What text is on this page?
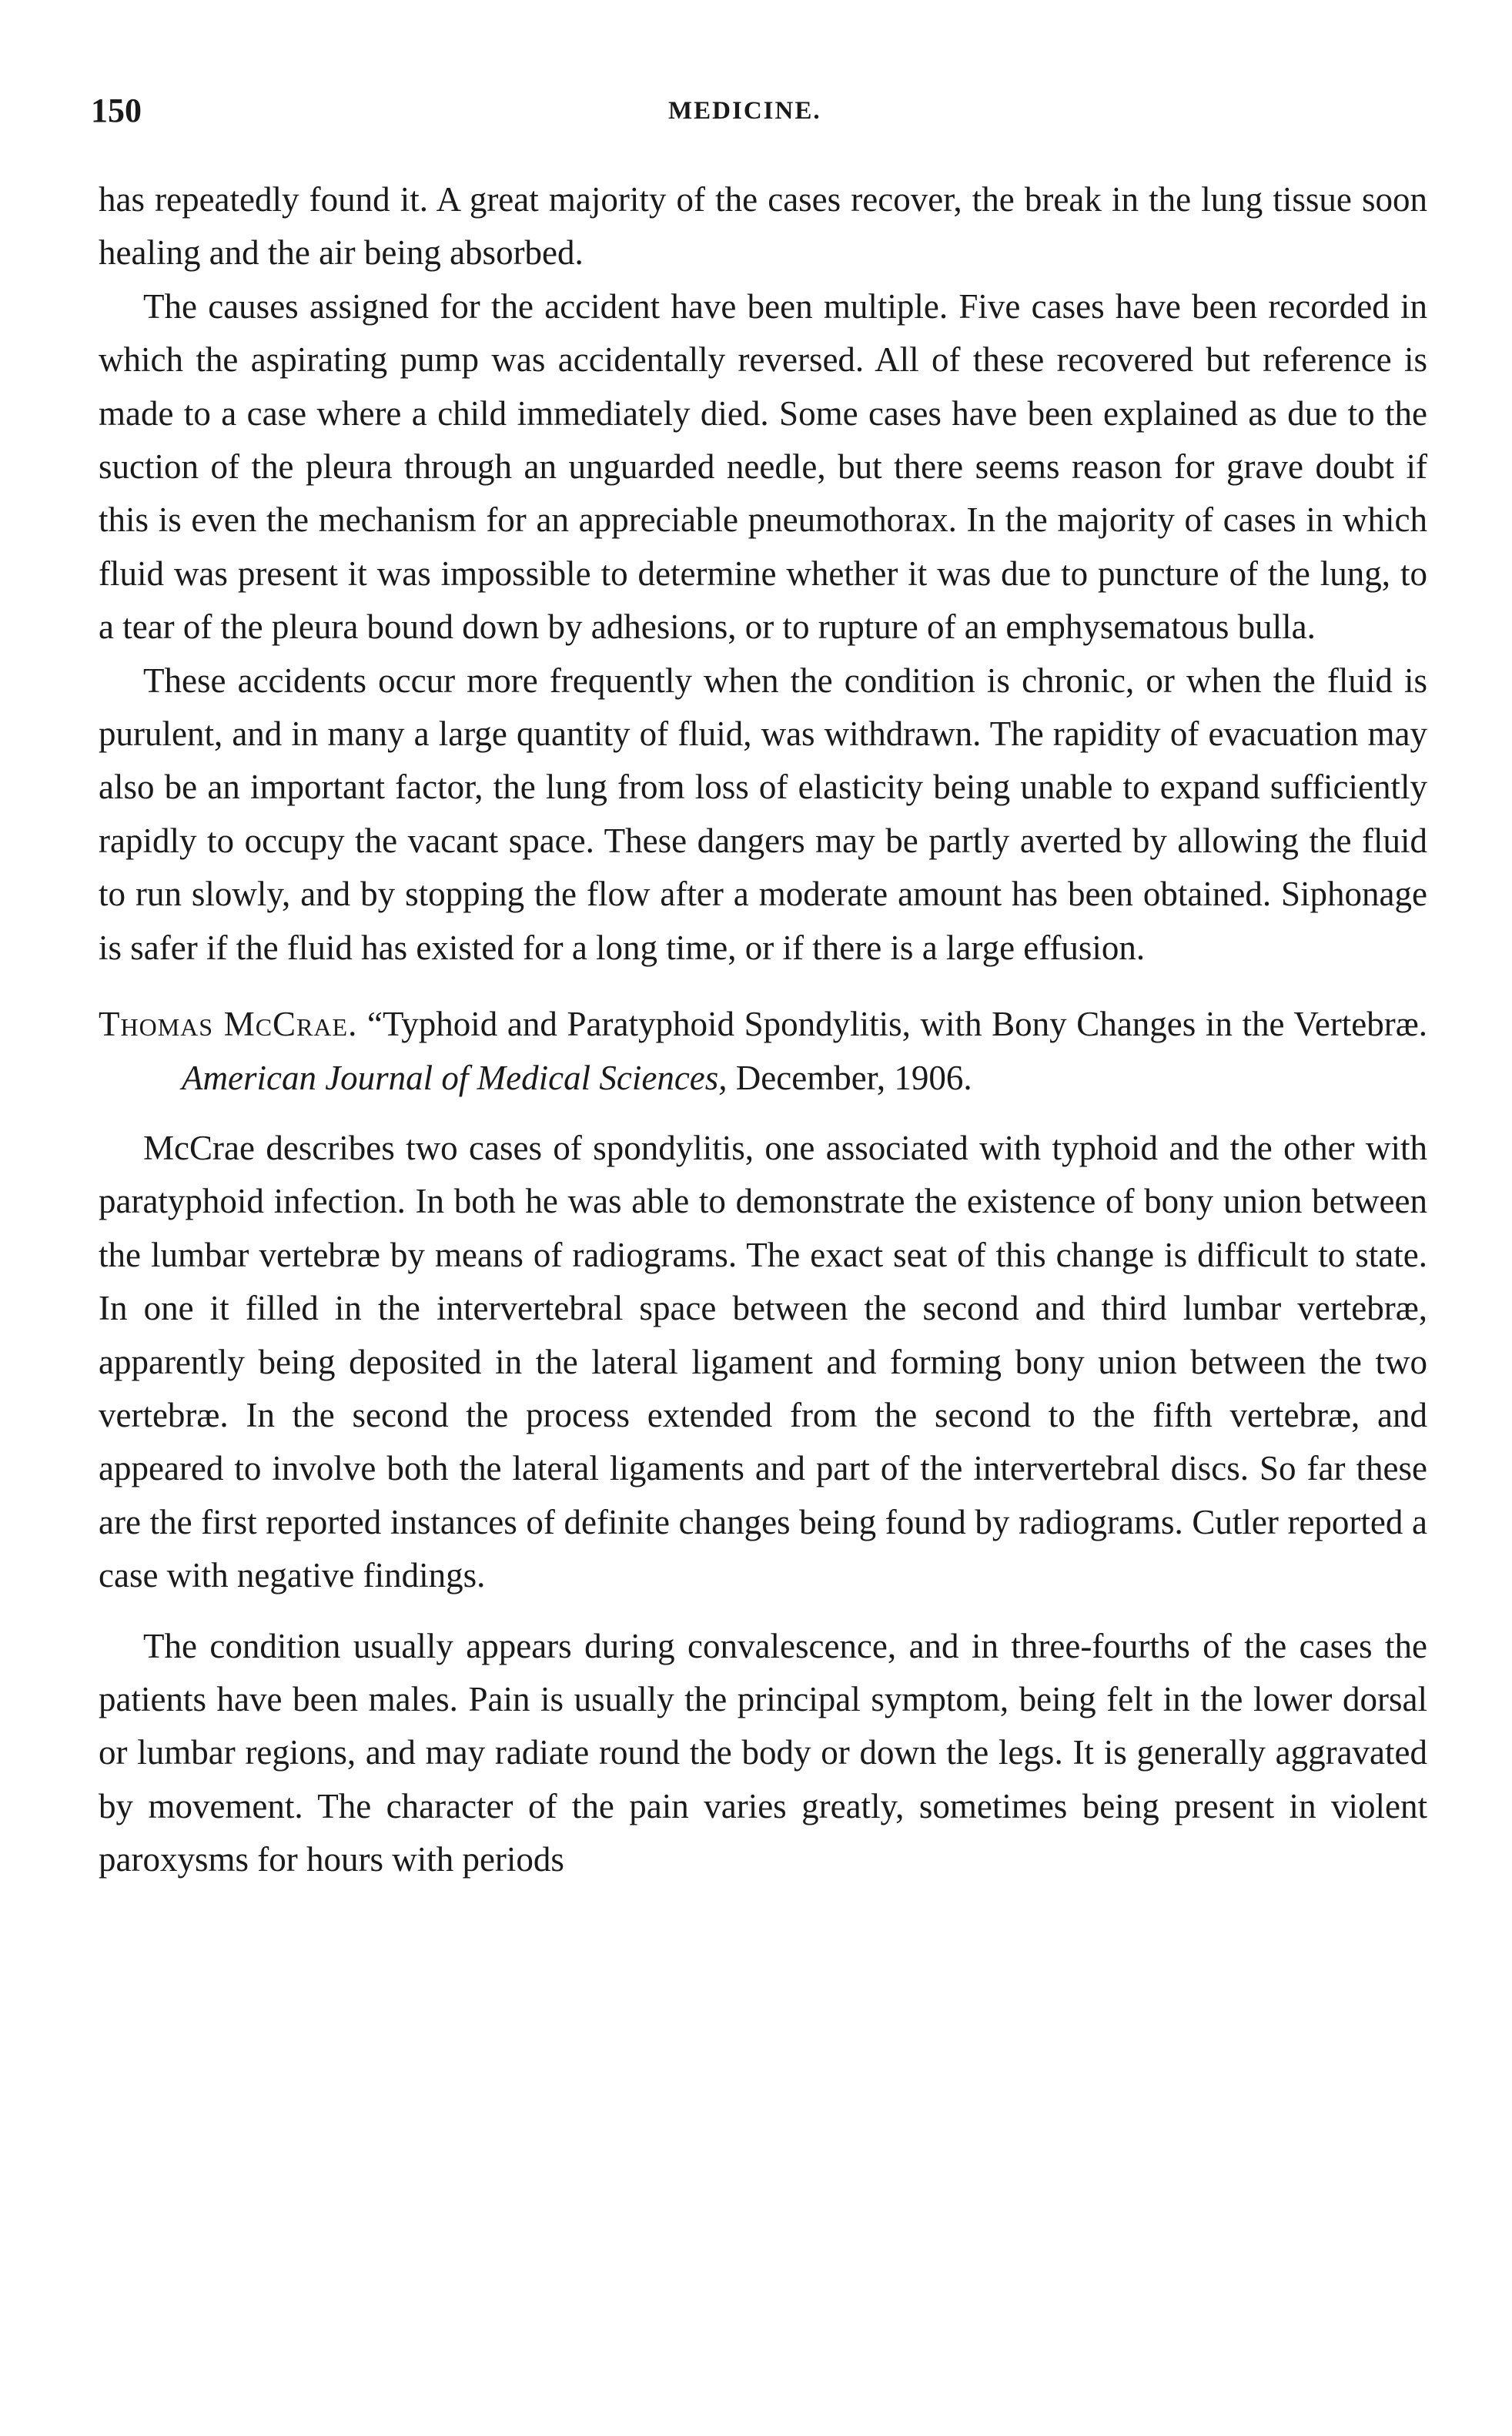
150	MEDICINE.

has repeatedly found it. A great majority of the cases recover, the break in the lung tissue soon healing and the air being absorbed.

The causes assigned for the accident have been multiple. Five cases have been recorded in which the aspirating pump was accidentally reversed. All of these recovered but reference is made to a case where a child immediately died. Some cases have been explained as due to the suction of the pleura through an unguarded needle, but there seems reason for grave doubt if this is even the mechanism for an appreciable pneumothorax. In the majority of cases in which fluid was present it was impossible to determine whether it was due to puncture of the lung, to a tear of the pleura bound down by adhesions, or to rupture of an emphysematous bulla.

These accidents occur more frequently when the condition is chronic, or when the fluid is purulent, and in many a large quantity of fluid, was withdrawn. The rapidity of evacuation may also be an important factor, the lung from loss of elasticity being unable to expand sufficiently rapidly to occupy the vacant space. These dangers may be partly averted by allowing the fluid to run slowly, and by stopping the flow after a moderate amount has been obtained. Siphonage is safer if the fluid has existed for a long time, or if there is a large effusion.

Thomas McCrae. “Typhoid and Paratyphoid Spondylitis, with Bony Changes in the Vertebræ. American Journal of Medical Sciences, December, 1906.

McCrae describes two cases of spondylitis, one associated with typhoid and the other with paratyphoid infection. In both he was able to demonstrate the existence of bony union between the lumbar vertebræ by means of radiograms. The exact seat of this change is difficult to state. In one it filled in the intervertebral space between the second and third lumbar vertebræ, apparently being deposited in the lateral ligament and forming bony union between the two vertebræ. In the second the process extended from the second to the fifth vertebræ, and appeared to involve both the lateral ligaments and part of the intervertebral discs. So far these are the first reported instances of definite changes being found by radiograms. Cutler reported a case with negative findings.

The condition usually appears during convalescence, and in three-fourths of the cases the patients have been males. Pain is usually the principal symptom, being felt in the lower dorsal or lumbar regions, and may radiate round the body or down the legs. It is generally aggravated by movement. The character of the pain varies greatly, sometimes being present in violent paroxysms for hours with periods
